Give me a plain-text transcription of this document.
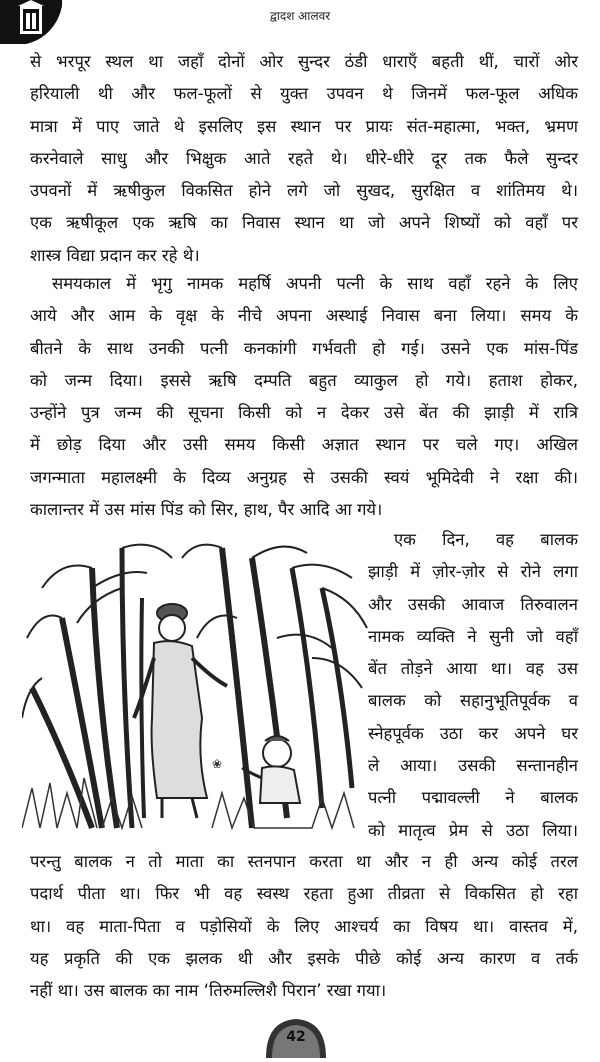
द्वादश आलवर
से भरपूर स्थल था जहाँ दोनों ओर सुन्दर ठंडी धाराएँ बहती थीं, चारों ओर
हरियाली थी और फल-फूलों से युक्त उपवन थे जिनमें फल-फूल अधिक
मात्रा में पाए जाते थे इसलिए इस स्थान पर प्रायः संत-महात्मा, भक्त, भ्रमण
करनेवाले साधु और भिक्षुक आते रहते थे। धीरे-धीरे दूर तक फैले सुन्दर
उपवनों में ऋषीकुल विकसित होने लगे जो सुखद, सुरक्षित व शांतिमय थे।
एक ऋषीकूल एक ऋषि का निवास स्थान था जो अपने शिष्यों को वहाँ पर
शास्त्र विद्या प्रदान कर रहे थे।
समयकाल में भृगु नामक महर्षि अपनी पत्नी के साथ वहाँ रहने के लिए
आये और आम के वृक्ष के नीचे अपना अस्थाई निवास बना लिया। समय के
बीतने के साथ उनकी पत्नी कनकांगी गर्भवती हो गई। उसने एक मांस-पिंड
को जन्म दिया। इससे ऋषि दम्पति बहुत व्याकुल हो गये। हताश होकर,
उन्होंने पुत्र जन्म की सूचना किसी को न देकर उसे बेंत की झाड़ी में रात्रि
में छोड़ दिया और उसी समय किसी अज्ञात स्थान पर चले गए। अखिल
जगन्माता महालक्ष्मी के दिव्य अनुग्रह से उसकी स्वयं भूमिदेवी ने रक्षा की।
कालान्तर में उस मांस पिंड को सिर, हाथ, पैर आदि आ गये।
❀
एक दिन, वह बालक
झाड़ी में ज़ोर-ज़ोर से रोने लगा
और उसकी आवाज तिरुवालन
नामक व्यक्ति ने सुनी जो वहाँ
बेंत तोड़ने आया था। वह उस
बालक को सहानुभूतिपूर्वक व
स्नेहपूर्वक उठा कर अपने घर
ले आया। उसकी सन्तानहीन
पत्नी पद्मावल्ली ने बालक
को मातृत्व प्रेम से उठा लिया।
परन्तु बालक न तो माता का स्तनपान करता था और न ही अन्य कोई तरल
पदार्थ पीता था। फिर भी वह स्वस्थ रहता हुआ तीव्रता से विकसित हो रहा
था। वह माता-पिता व पड़ोसियों के लिए आश्चर्य का विषय था। वास्तव में,
यह प्रकृति की एक झलक थी और इसके पीछे कोई अन्य कारण व तर्क
नहीं था। उस बालक का नाम ‘तिरुमल्लिशै पिरान’ रखा गया।
42
